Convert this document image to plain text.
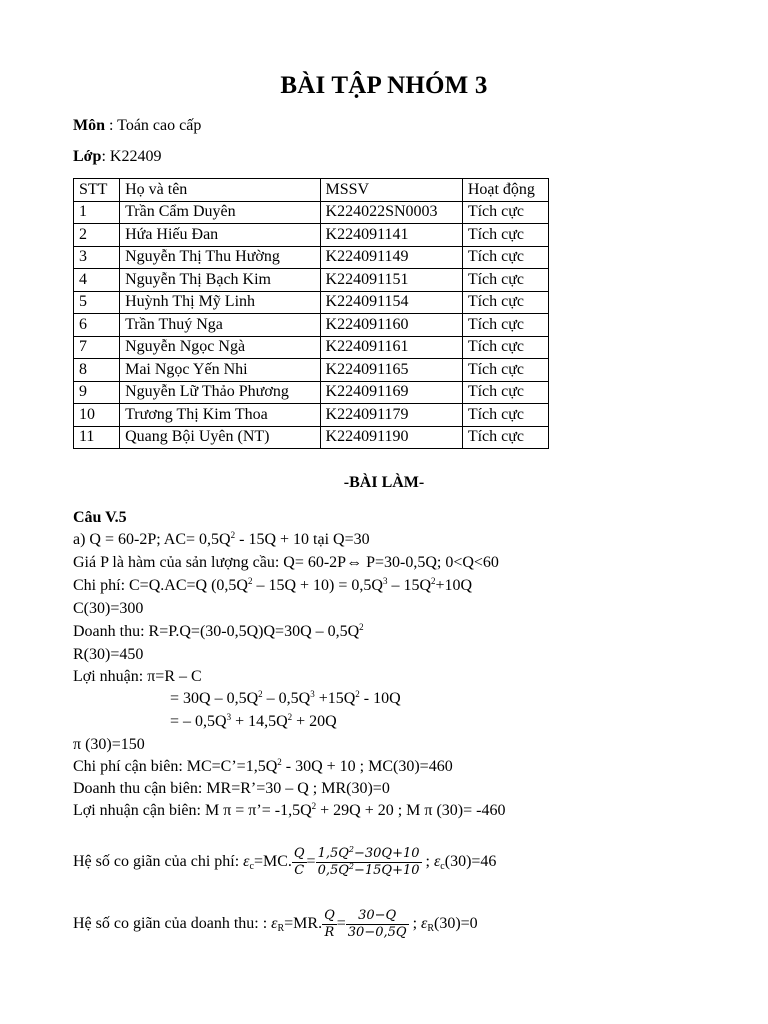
BÀI TẬP NHÓM 3
Môn : Toán cao cấp
Lớp: K22409
STT	Họ và tên	MSSV	Hoạt động
1	Trần Cẩm Duyên	K224022SN0003	Tích cực
2	Hứa Hiếu Đan	K224091141	Tích cực
3	Nguyễn Thị Thu Hường	K224091149	Tích cực
4	Nguyễn Thị Bạch Kim	K224091151	Tích cực
5	Huỳnh Thị Mỹ Linh	K224091154	Tích cực
6	Trần Thuý Nga	K224091160	Tích cực
7	Nguyễn Ngọc Ngà	K224091161	Tích cực
8	Mai Ngọc Yến Nhi	K224091165	Tích cực
9	Nguyễn Lữ Thảo Phương	K224091169	Tích cực
10	Trương Thị Kim Thoa	K224091179	Tích cực
11	Quang Bội Uyên (NT)	K224091190	Tích cực
-BÀI LÀM-
Câu V.5
a) Q = 60-2P; $AC= 0,5Q^2 - 15Q + 10$ tại Q=30
Giá P là hàm của sản lượng cầu: Q= 60-2P⇔ P=30-0,5Q; 0<Q<60
Chi phí: C=Q.AC=Q $(0,5Q^2 - 15Q + 10) = 0,5Q^3 - 15Q^2+10Q$
C(30)=300
Doanh thu: $R=P.Q=(30-0,5Q)Q=30Q - 0,5Q^2$
R(30)=450
Lợi nhuận: π=R – C
= $30Q - 0,5Q^2 - 0,5Q^3 +15Q^2 - 10Q$
= – $0,5Q^3 + 14,5Q^2 + 20Q$
π (30)=150
Chi phí cận biên: $MC=C’=1,5Q^2 - 30Q + 10$ ; MC(30)=460
Doanh thu cận biên: MR=R’=30 – Q ; MR(30)=0
Lợi nhuận cận biên: M π = π’= $-1,5Q^2 + 29Q + 20$ ; M π (30)= -460
Hệ số co giãn của chi phí: $\varepsilon_c=MC$. $\frac{Q}{C} = \frac{1,5Q^2-30Q+10}{0,5Q^2-15Q+10}$ ; $\varepsilon_c(30)=46$
Hệ số co giãn của doanh thu: : $\varepsilon_R=MR$. $\frac{Q}{R} = \frac{30-Q}{30-0,5Q}$ ; $\varepsilon_R(30)=0$
